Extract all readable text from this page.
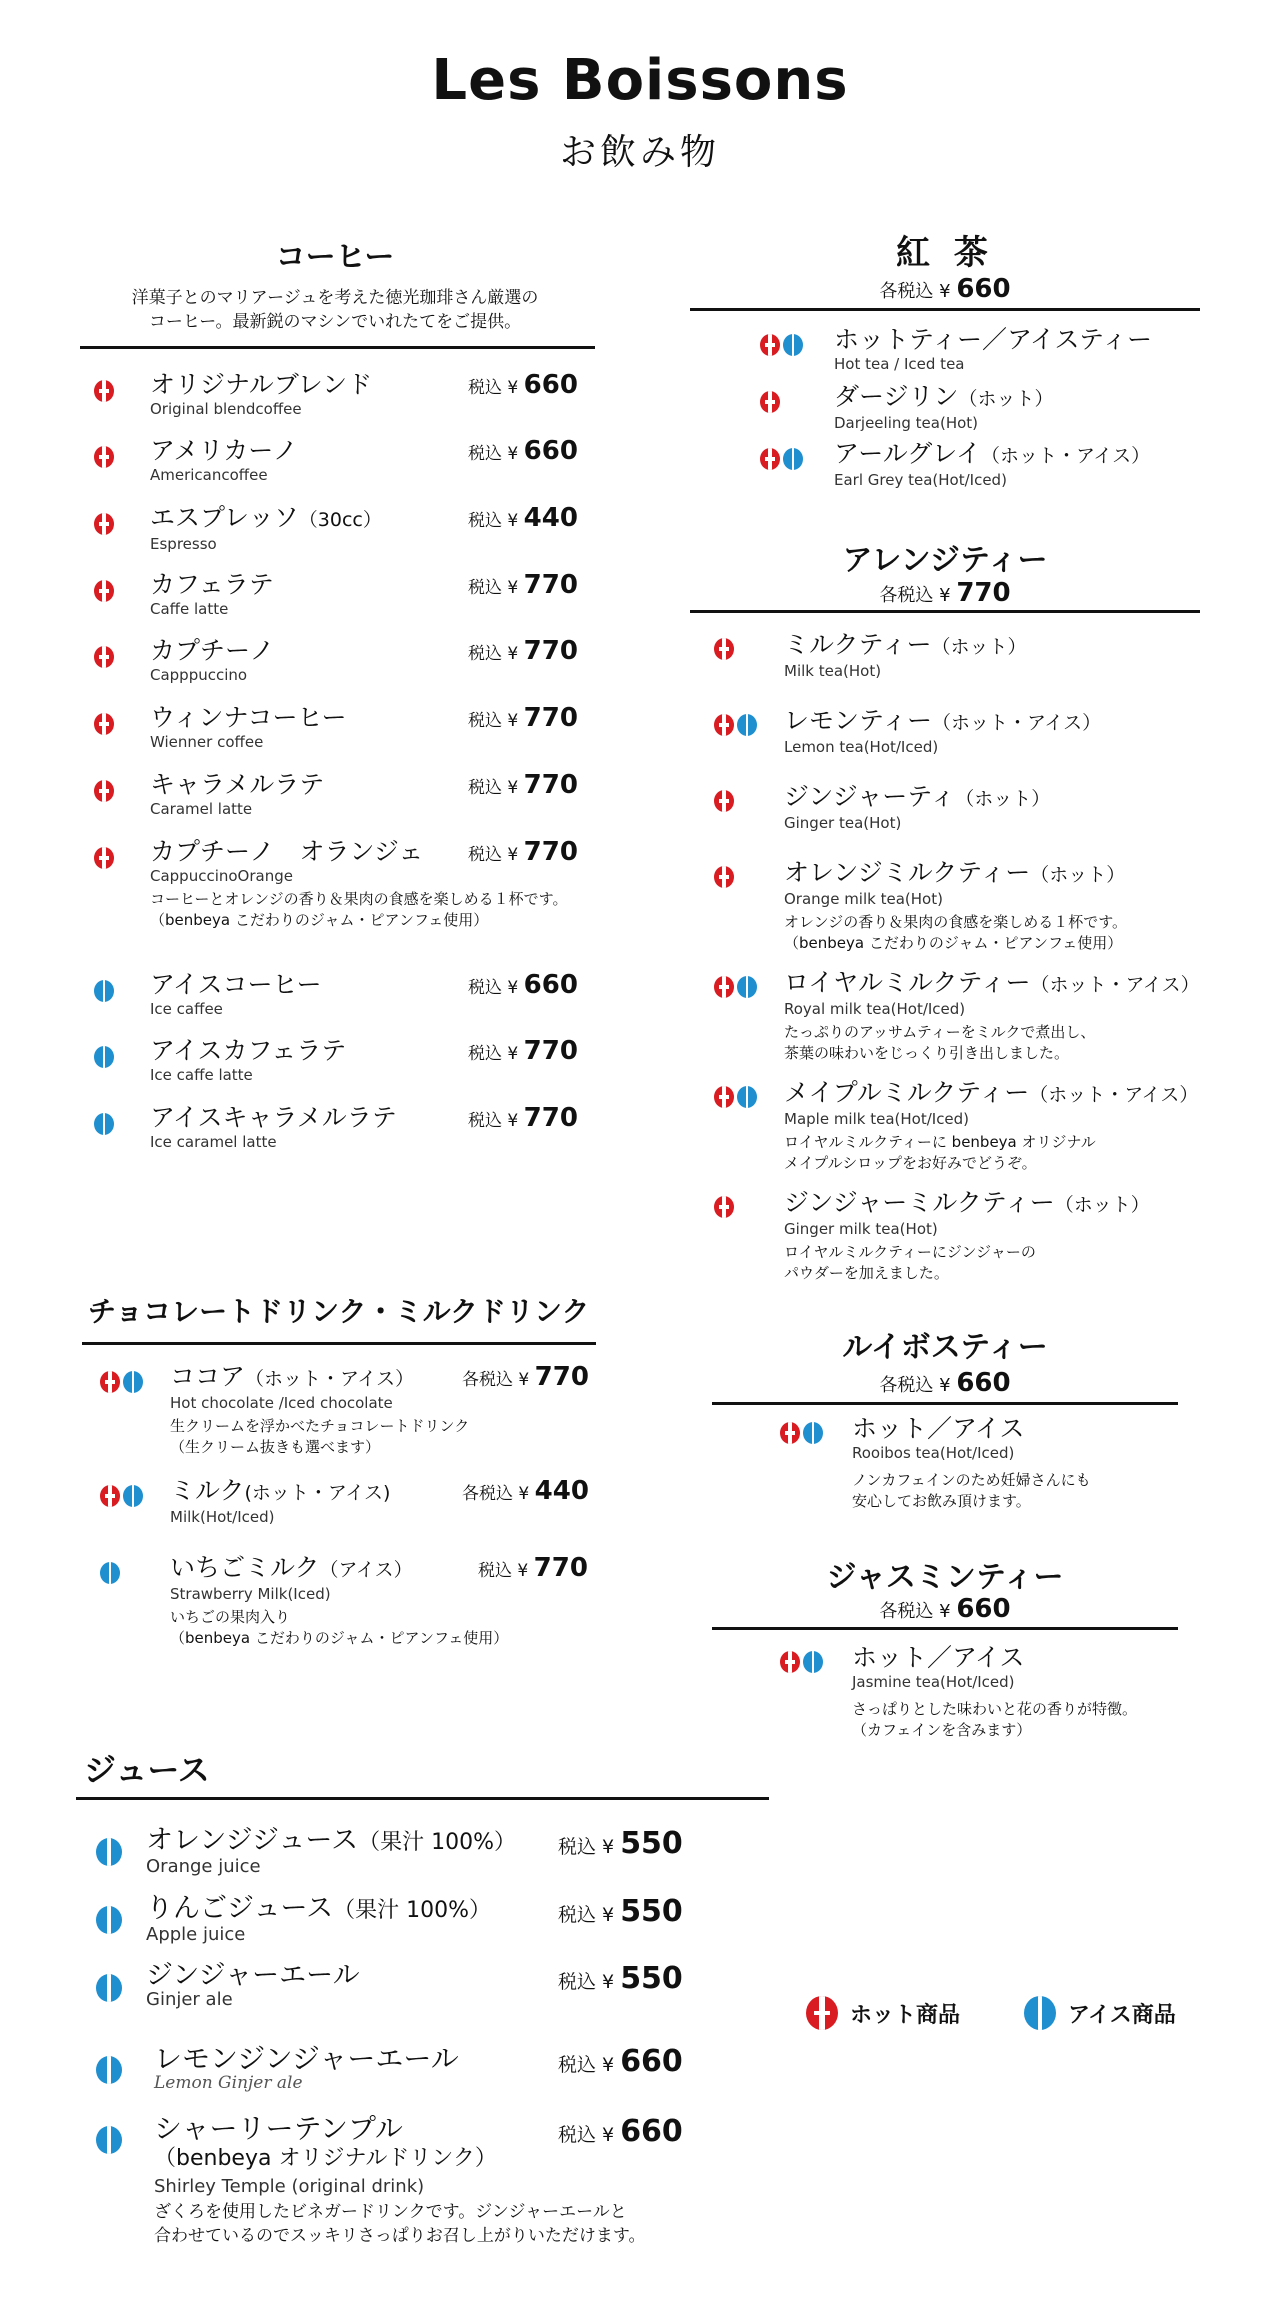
Les Boissons
お飲み物
コーヒー
洋菓子とのマリアージュを考えた徳光珈琲さん厳選の
コーヒー。最新鋭のマシンでいれたてをご提供。
オリジナルブレンド
Original blendcoffee
税込 ¥ 660
アメリカーノ
Americancoffee
税込 ¥ 660
エスプレッソ（30cc）
Espresso
税込 ¥ 440
カフェラテ
Caffe latte
税込 ¥ 770
カプチーノ
Capppuccino
税込 ¥ 770
ウィンナコーヒー
Wienner coffee
税込 ¥ 770
キャラメルラテ
Caramel latte
税込 ¥ 770
カプチーノ　オランジェ
CappuccinoOrange
コーヒーとオレンジの香り＆果肉の食感を楽しめる１杯です。
（benbeya こだわりのジャム・ピアンフェ使用）
税込 ¥ 770
アイスコーヒー
Ice caffee
税込 ¥ 660
アイスカフェラテ
Ice caffe latte
税込 ¥ 770
アイスキャラメルラテ
Ice caramel latte
税込 ¥ 770
チョコレートドリンク・ミルクドリンク
ココア（ホット・アイス）
Hot chocolate /Iced chocolate
生クリームを浮かべたチョコレートドリンク
（生クリーム抜きも選べます）
各税込 ¥ 770
ミルク(ホット・アイス)
Milk(Hot/Iced)
各税込 ¥ 440
いちごミルク（アイス）
Strawberry Milk(Iced)
いちごの果肉入り
（benbeya こだわりのジャム・ピアンフェ使用）
税込 ¥ 770
ジュース
オレンジジュース（果汁 100%）
Orange juice
税込 ¥ 550
りんごジュース（果汁 100%）
Apple juice
税込 ¥ 550
ジンジャーエール
Ginjer ale
税込 ¥ 550
レモンジンジャーエール
Lemon Ginjer ale
税込 ¥ 660
シャーリーテンプル
（benbeya オリジナルドリンク）
Shirley Temple (original drink)
ざくろを使用したビネガードリンクです。ジンジャーエールと
合わせているのでスッキリさっぱりお召し上がりいただけます。
税込 ¥ 660
紅 茶
各税込 ¥ 660
ホットティー／アイスティー
Hot tea / Iced tea
ダージリン（ホット）
Darjeeling tea(Hot)
アールグレイ（ホット・アイス）
Earl Grey tea(Hot/Iced)
アレンジティー
各税込 ¥ 770
ミルクティー（ホット）
Milk tea(Hot)
レモンティー（ホット・アイス）
Lemon tea(Hot/Iced)
ジンジャーティ（ホット）
Ginger tea(Hot)
オレンジミルクティー（ホット）
Orange milk tea(Hot)
オレンジの香り＆果肉の食感を楽しめる１杯です。
（benbeya こだわりのジャム・ピアンフェ使用）
ロイヤルミルクティー（ホット・アイス）
Royal milk tea(Hot/Iced)
たっぷりのアッサムティーをミルクで煮出し、
茶葉の味わいをじっくり引き出しました。
メイプルミルクティー（ホット・アイス）
Maple milk tea(Hot/Iced)
ロイヤルミルクティーに benbeya オリジナル
メイプルシロップをお好みでどうぞ。
ジンジャーミルクティー（ホット）
Ginger milk tea(Hot)
ロイヤルミルクティーにジンジャーの
パウダーを加えました。
ルイボスティー
各税込 ¥ 660
ホット／アイス
Rooibos tea(Hot/Iced)
ノンカフェインのため妊婦さんにも
安心してお飲み頂けます。
ジャスミンティー
各税込 ¥ 660
ホット／アイス
Jasmine tea(Hot/Iced)
さっぱりとした味わいと花の香りが特徴。
（カフェインを含みます）
ホット商品	アイス商品
